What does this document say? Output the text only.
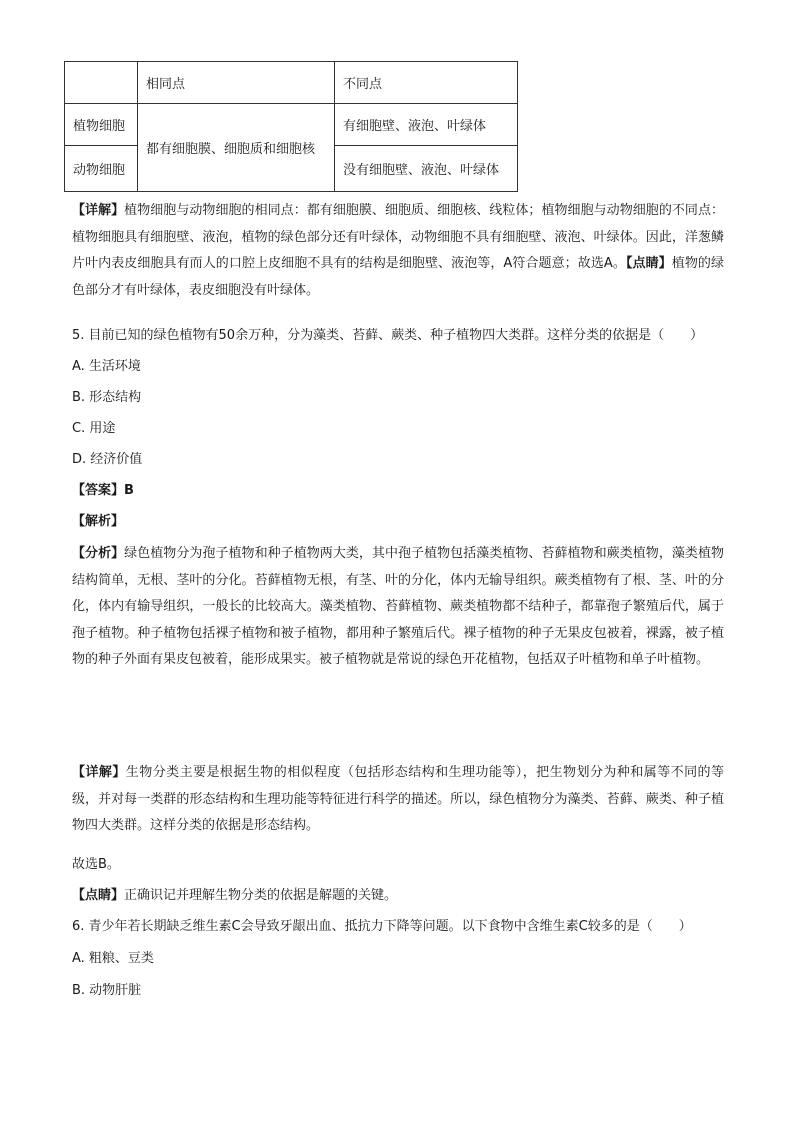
	相同点	不同点
植物细胞	都有细胞膜、细胞质和细胞核	有细胞壁、液泡、叶绿体
动物细胞		没有细胞壁、液泡、叶绿体
【详解】植物细胞与动物细胞的相同点：都有细胞膜、细胞质、细胞核、线粒体；植物细胞与动物细胞的不同点：植物细胞具有细胞壁、液泡，植物的绿色部分还有叶绿体，动物细胞不具有细胞壁、液泡、叶绿体。因此，洋葱鳞片叶内表皮细胞具有而人的口腔上皮细胞不具有的结构是细胞壁、液泡等，A符合题意；故选A。【点睛】植物的绿色部分才有叶绿体，表皮细胞没有叶绿体。
5. 目前已知的绿色植物有50余万种，分为藻类、苔藓、蕨类、种子植物四大类群。这样分类的依据是（　　）
A. 生活环境
B. 形态结构
C. 用途
D. 经济价值
【答案】B
【解析】
【分析】绿色植物分为孢子植物和种子植物两大类，其中孢子植物包括藻类植物、苔藓植物和蕨类植物，藻类植物结构简单，无根、茎叶的分化。苔藓植物无根，有茎、叶的分化，体内无输导组织。蕨类植物有了根、茎、叶的分化，体内有输导组织，一般长的比较高大。藻类植物、苔藓植物、蕨类植物都不结种子，都靠孢子繁殖后代，属于孢子植物。种子植物包括裸子植物和被子植物，都用种子繁殖后代。裸子植物的种子无果皮包被着，裸露，被子植物的种子外面有果皮包被着，能形成果实。被子植物就是常说的绿色开花植物，包括双子叶植物和单子叶植物。
【详解】生物分类主要是根据生物的相似程度（包括形态结构和生理功能等），把生物划分为种和属等不同的等级，并对每一类群的形态结构和生理功能等特征进行科学的描述。所以，绿色植物分为藻类、苔藓、蕨类、种子植物四大类群。这样分类的依据是形态结构。
故选B。
【点睛】正确识记并理解生物分类的依据是解题的关键。
6. 青少年若长期缺乏维生素C会导致牙龈出血、抵抗力下降等问题。以下食物中含维生素C较多的是（　　）
A. 粗粮、豆类
B. 动物肝脏
